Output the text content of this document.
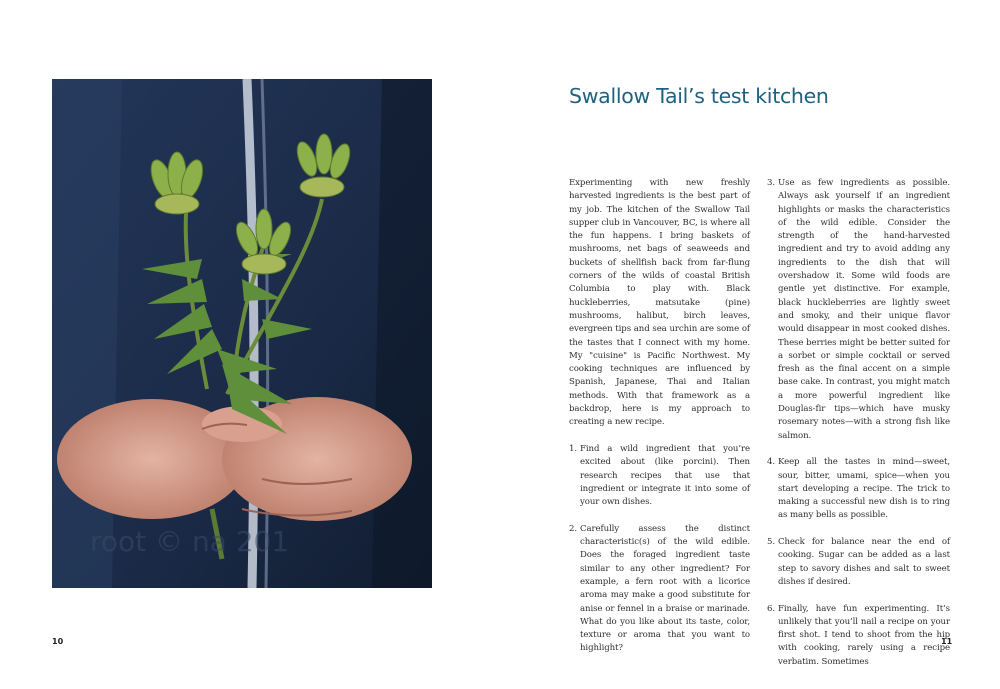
root © na 201
Swallow Tail’s test kitchen

Experimenting with new freshly harvested ingredients is the best part of my job. The kitchen of the Swallow Tail supper club in Vancouver, BC, is where all the fun happens. I bring baskets of mushrooms, net bags of seaweeds and buckets of shellfish back from far-flung corners of the wilds of coastal British Columbia to play with. Black huckleberries, matsutake (pine) mushrooms, halibut, birch leaves, evergreen tips and sea urchin are some of the tastes that I connect with my home. My "cuisine" is Pacific Northwest. My cooking techniques are influenced by Spanish, Japanese, Thai and Italian methods. With that framework as a backdrop, here is my approach to creating a new recipe.

1. Find a wild ingredient that you’re excited about (like porcini). Then research recipes that use that ingredient or integrate it into some of your own dishes.
2. Carefully assess the distinct characteristic(s) of the wild edible. Does the foraged ingredient taste similar to any other ingredient? For example, a fern root with a licorice aroma may make a good substitute for anise or fennel in a braise or marinade. What do you like about its taste, color, texture or aroma that you want to highlight?
3. Use as few ingredients as possible. Always ask yourself if an ingredient highlights or masks the characteristics of the wild edible. Consider the strength of the hand-harvested ingredient and try to avoid adding any ingredients to the dish that will overshadow it. Some wild foods are gentle yet distinctive. For example, black huckleberries are lightly sweet and smoky, and their unique flavor would disappear in most cooked dishes. These berries might be better suited for a sorbet or simple cocktail or served fresh as the final accent on a simple base cake. In contrast, you might match a more powerful ingredient like Douglas-fir tips—which have musky rosemary notes—with a strong fish like salmon.
4. Keep all the tastes in mind—sweet, sour, bitter, umami, spice—when you start developing a recipe. The trick to making a successful new dish is to ring as many bells as possible.
5. Check for balance near the end of cooking. Sugar can be added as a last step to savory dishes and salt to sweet dishes if desired.
6. Finally, have fun experimenting. It’s unlikely that you’ll nail a recipe on your first shot. I tend to shoot from the hip with cooking, rarely using a recipe verbatim. Sometimes
10	11
